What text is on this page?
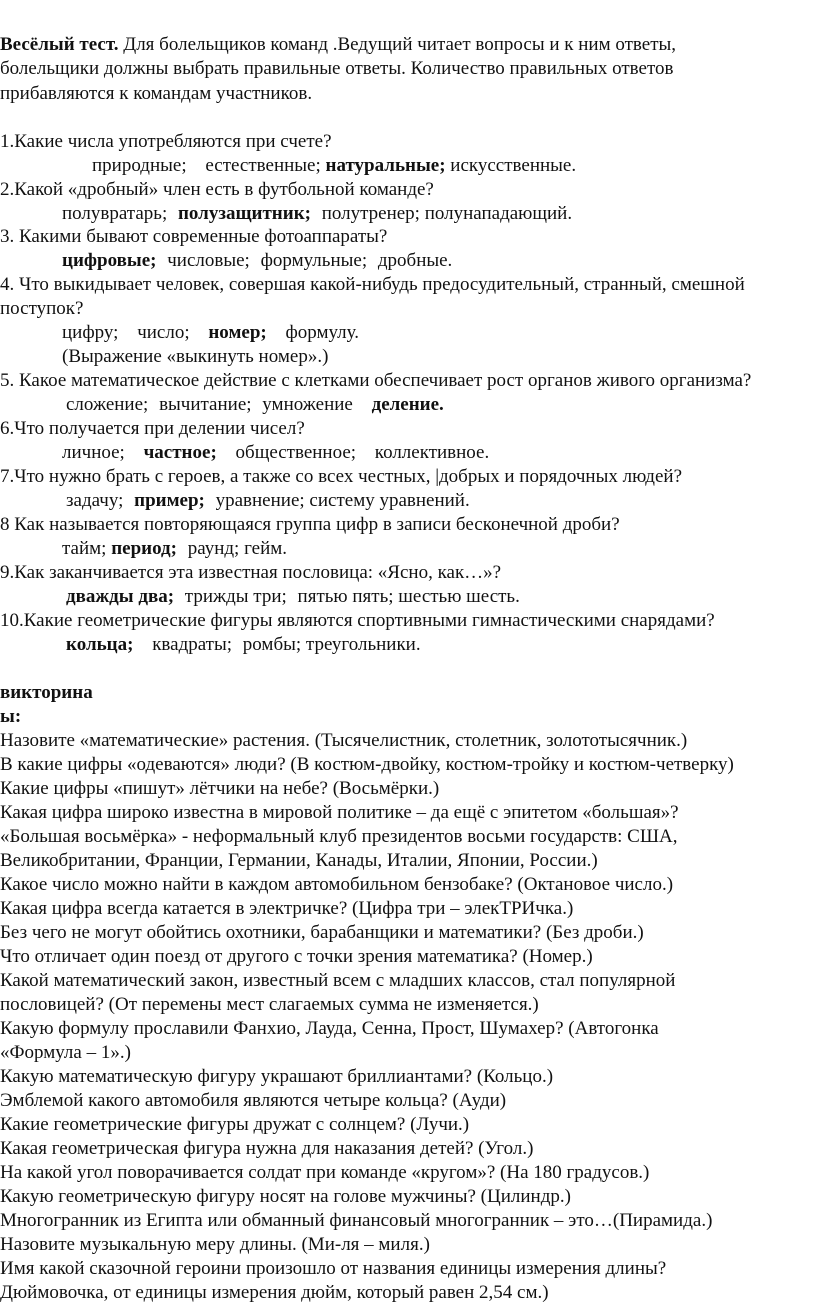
Весёлый тест. Для болельщиков команд .Ведущий читает вопросы и к ним ответы,
болельщики должны выбрать правильные ответы. Количество правильных ответов
прибавляются к командам участников.
1.Какие числа употребляются при счете?
природные; естественные; натуральные; искусственные.
2.Какой «дробный» член есть в футбольной команде?
полувратарь; полузащитник; полутренер; полунападающий.
3. Какими бывают современные фотоаппараты?
цифровые; числовые; формульные; дробные.
4. Что выкидывает человек, совершая какой-нибудь предосудительный, странный, смешной
поступок?
цифру; число; номер; формулу.
(Выражение «выкинуть номер».)
5. Какое математическое действие с клетками обеспечивает рост органов живого организма?
сложение; вычитание; умножение деление.
6.Что получается при делении чисел?
личное; частное; общественное; коллективное.
7.Что нужно брать с героев, а также со всех честных, |добрых и порядочных людей?
задачу; пример; уравнение; систему уравнений.
8 Как называется повторяющаяся группа цифр в записи бесконечной дроби?
тайм; период; раунд; гейм.
9.Как заканчивается эта известная пословица: «Ясно, как…»?
дважды два; трижды три; пятью пять; шестью шесть.
10.Какие геометрические фигуры являются спортивными гимнастическими снарядами?
кольца; квадраты; ромбы; треугольники.
викторина
ы:
Назовите «математические» растения. (Тысячелистник, столетник, золототысячник.)
В какие цифры «одеваются» люди? (В костюм-двойку, костюм-тройку и костюм-четверку)
Какие цифры «пишут» лётчики на небе? (Восьмёрки.)
Какая цифра широко известна в мировой политике – да ещё с эпитетом «большая»?
«Большая восьмёрка» - неформальный клуб президентов восьми государств: США,
Великобритании, Франции, Германии, Канады, Италии, Японии, России.)
Какое число можно найти в каждом автомобильном бензобаке? (Октановое число.)
Какая цифра всегда катается в электричке? (Цифра три – элекТРИчка.)
Без чего не могут обойтись охотники, барабанщики и математики? (Без дроби.)
Что отличает один поезд от другого с точки зрения математика? (Номер.)
Какой математический закон, известный всем с младших классов, стал популярной
пословицей? (От перемены мест слагаемых сумма не изменяется.)
Какую формулу прославили Фанхио, Лауда, Сенна, Прост, Шумахер? (Автогонка
«Формула – 1».)
Какую математическую фигуру украшают бриллиантами? (Кольцо.)
Эмблемой какого автомобиля являются четыре кольца? (Ауди)
Какие геометрические фигуры дружат с солнцем? (Лучи.)
Какая геометрическая фигура нужна для наказания детей? (Угол.)
На какой угол поворачивается солдат при команде «кругом»? (На 180 градусов.)
Какую геометрическую фигуру носят на голове мужчины? (Цилиндр.)
Многогранник из Египта или обманный финансовый многогранник – это…(Пирамида.)
Назовите музыкальную меру длины. (Ми-ля – миля.)
Имя какой сказочной героини произошло от названия единицы измерения длины?
Дюймовочка, от единицы измерения дюйм, который равен 2,54 см.)
